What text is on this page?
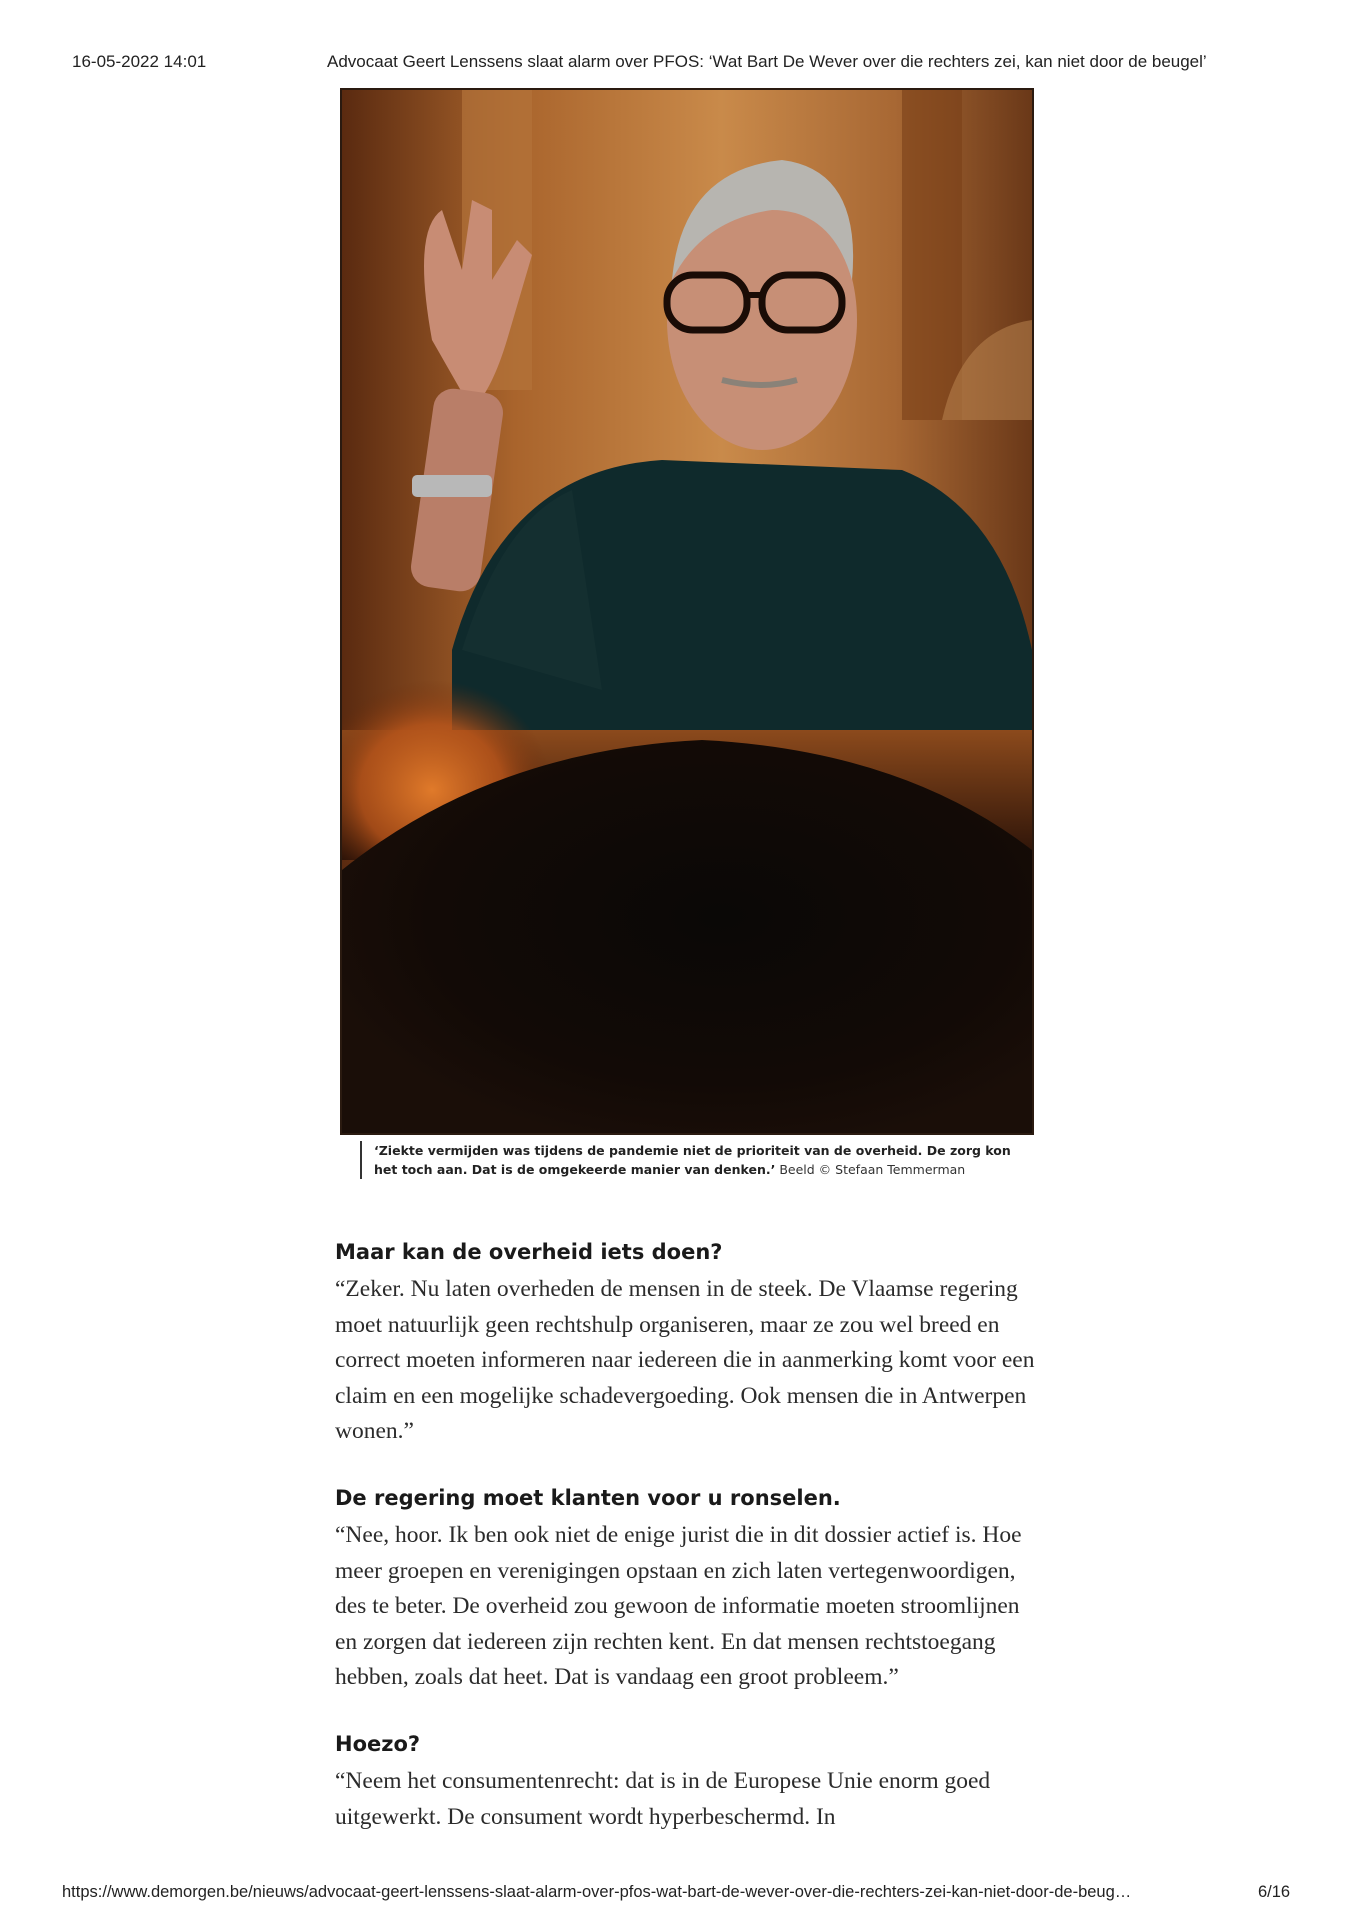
16-05-2022 14:01	Advocaat Geert Lenssens slaat alarm over PFOS: ‘Wat Bart De Wever over die rechters zei, kan niet door de beugel’
‘Ziekte vermijden was tijdens de pandemie niet de prioriteit van de overheid. De zorg kon het toch aan. Dat is de omgekeerde manier van denken.’ Beeld © Stefaan Temmerman

Maar kan de overheid iets doen?

“Zeker. Nu laten overheden de mensen in de steek. De Vlaamse regering moet natuurlijk geen rechtshulp organiseren, maar ze zou wel breed en correct moeten informeren naar iedereen die in aanmerking komt voor een claim en een mogelijke schadevergoeding. Ook mensen die in Antwerpen wonen.”

De regering moet klanten voor u ronselen.

“Nee, hoor. Ik ben ook niet de enige jurist die in dit dossier actief is. Hoe meer groepen en verenigingen opstaan en zich laten vertegenwoordigen, des te beter. De overheid zou gewoon de informatie moeten stroomlijnen en zorgen dat iedereen zijn rechten kent. En dat mensen rechtstoegang hebben, zoals dat heet. Dat is vandaag een groot probleem.”

Hoezo?

“Neem het consumentenrecht: dat is in de Europese Unie enorm goed uitgewerkt. De consument wordt hyperbeschermd. In

https://www.demorgen.be/nieuws/advocaat-geert-lenssens-slaat-alarm-over-pfos-wat-bart-de-wever-over-die-rechters-zei-kan-niet-door-de-beug…	6/16
